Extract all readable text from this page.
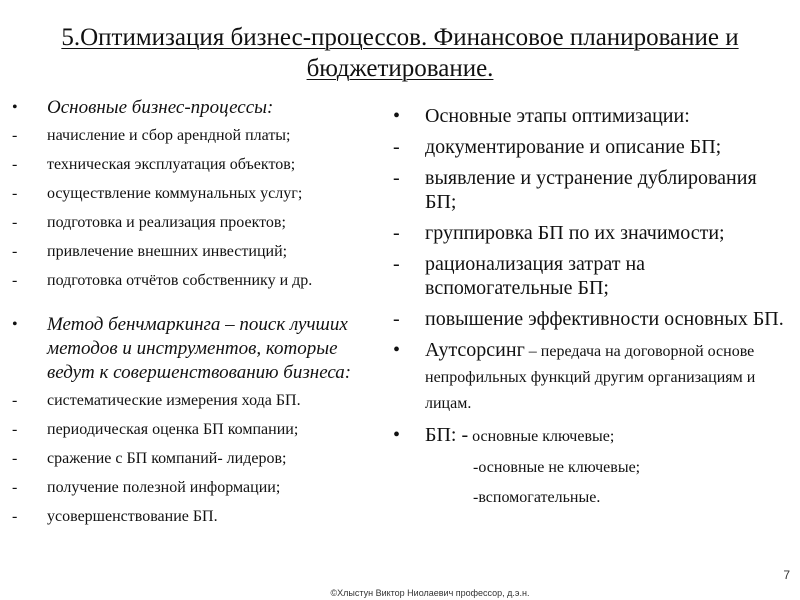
5.Оптимизация бизнес-процессов. Финансовое планирование и бюджетирование.
•	Основные бизнес-процессы:
-	начисление и сбор арендной платы;
-	техническая эксплуатация объектов;
-	осуществление коммунальных услуг;
-	подготовка и реализация проектов;
-	привлечение внешних инвестиций;
-	подготовка отчётов собственнику и др.
•	Метод бенчмаркинга – поиск лучших методов и инструментов, которые ведут к совершенствованию бизнеса:
-	систематические измерения хода БП.
-	периодическая оценка БП компании;
-	сражение с БП компаний- лидеров;
-	получение полезной информации;
-	усовершенствование БП.
•	Основные этапы оптимизации:
-	документирование и описание БП;
-	выявление и устранение дублирования БП;
-	группировка БП по их значимости;
-	рационализация затрат на вспомогательные БП;
-	повышение эффективности основных БП.
•	Аутсорсинг – передача на договорной основе непрофильных функций другим организациям и лицам.
•	БП: - основные ключевые;
-основные не ключевые;
-вспомогательные.
7
©Хлыстун Виктор Ниолаевич профессор, д.э.н.
